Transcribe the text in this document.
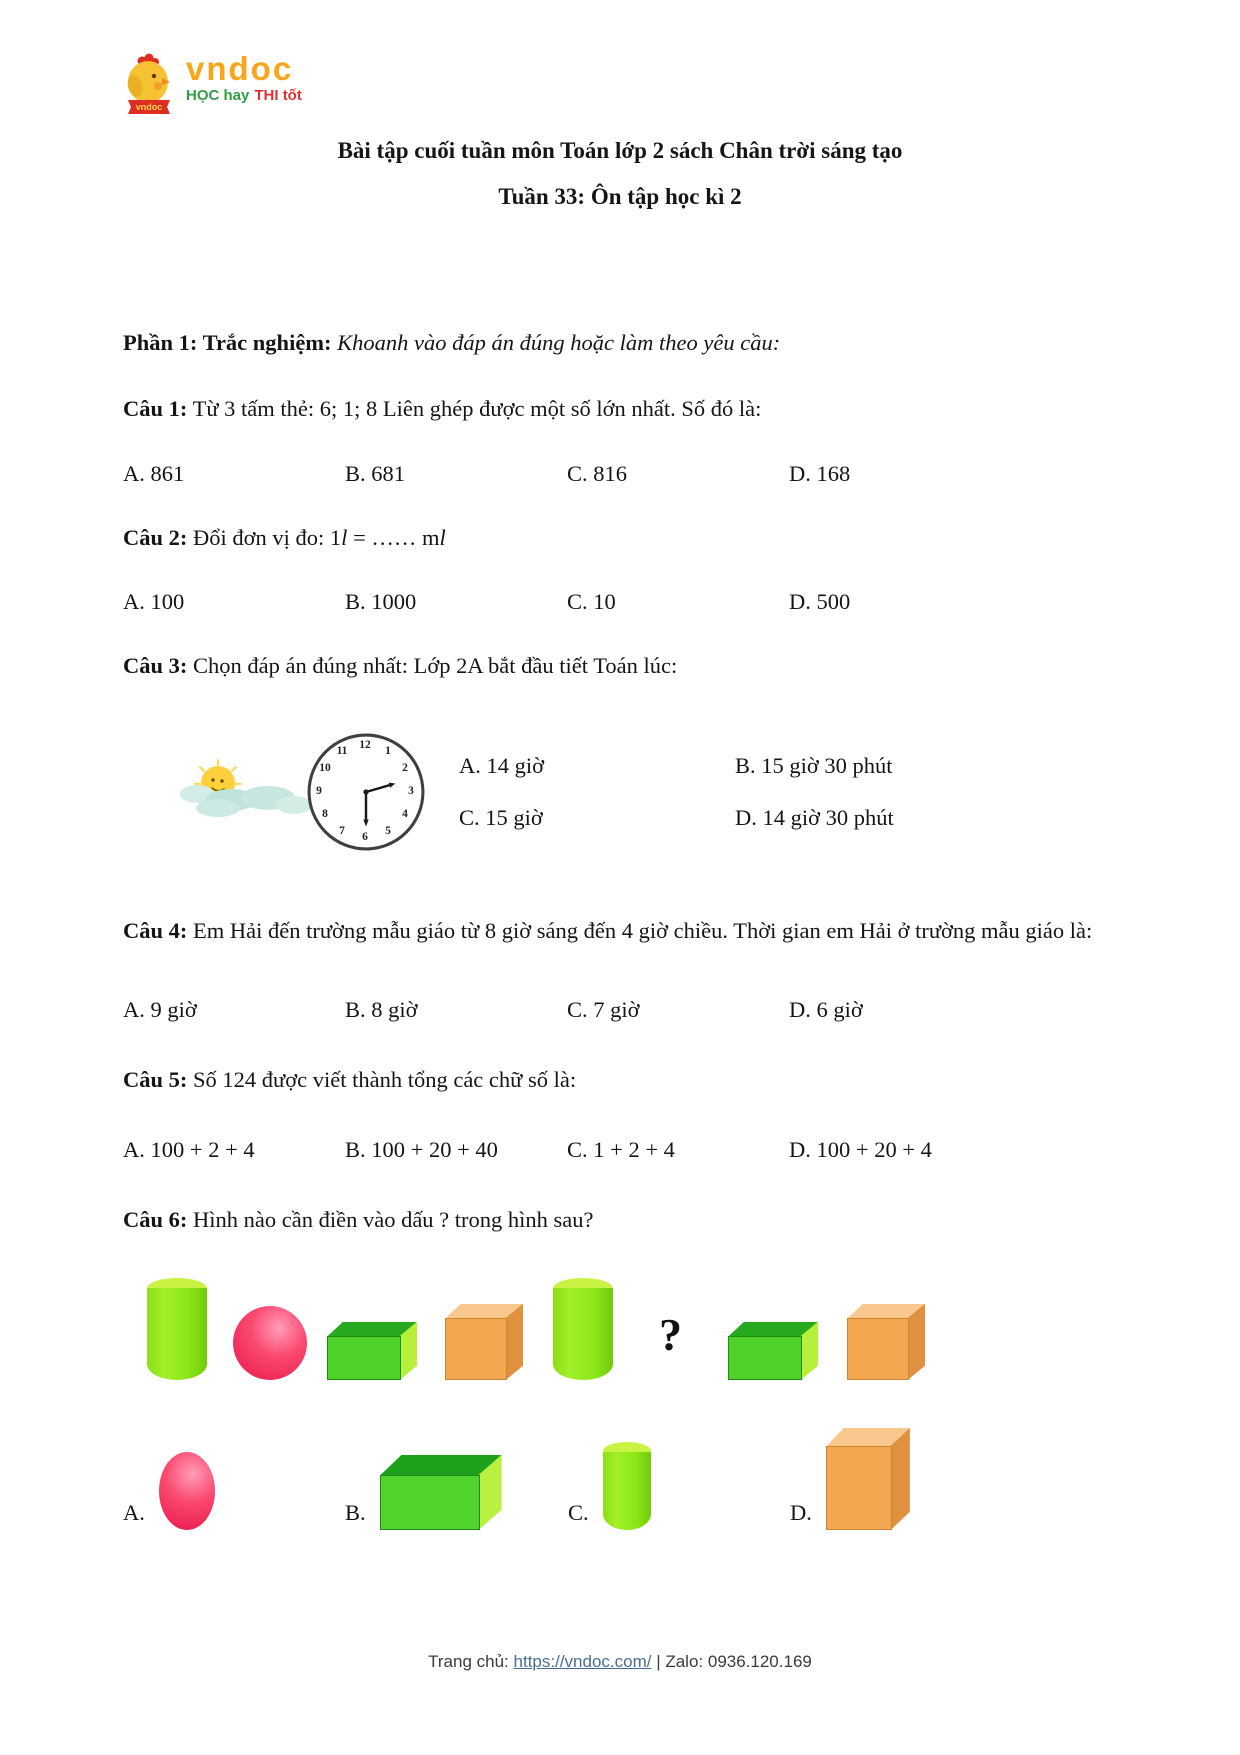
vndoc
vndoc
HỌC hay THI tốt
Bài tập cuối tuần môn Toán lớp 2 sách Chân trời sáng tạo
Tuần 33: Ôn tập học kì 2

Phần 1: Trắc nghiệm: Khoanh vào đáp án đúng hoặc làm theo yêu cầu:

Câu 1: Từ 3 tấm thẻ: 6; 1; 8 Liên ghép được một số lớn nhất. Số đó là:

A. 861	B. 681	C. 816	D. 168

Câu 2: Đổi đơn vị đo: 1l = …… ml

A. 100	B. 1000	C. 10	D. 500

Câu 3: Chọn đáp án đúng nhất: Lớp 2A bắt đầu tiết Toán lúc:

12 1
2
3
4
5
6
7
8
9
10
11
A. 14 giờ	B. 15 giờ 30 phút
C. 15 giờ	D. 14 giờ 30 phút

Câu 4: Em Hải đến trường mẫu giáo từ 8 giờ sáng đến 4 giờ chiều. Thời gian em Hải ở trường mẫu giáo là:

A. 9 giờ	B. 8 giờ	C. 7 giờ	D. 6 giờ

Câu 5: Số 124 được viết thành tổng các chữ số là:

A. 100 + 2 + 4	B. 100 + 20 + 40	C. 1 + 2 + 4	D. 100 + 20 + 4

Câu 6: Hình nào cần điền vào dấu ? trong hình sau?

?
A.	B.	C.	D.
Trang chủ: https://vndoc.com/ | Zalo: 0936.120.169
